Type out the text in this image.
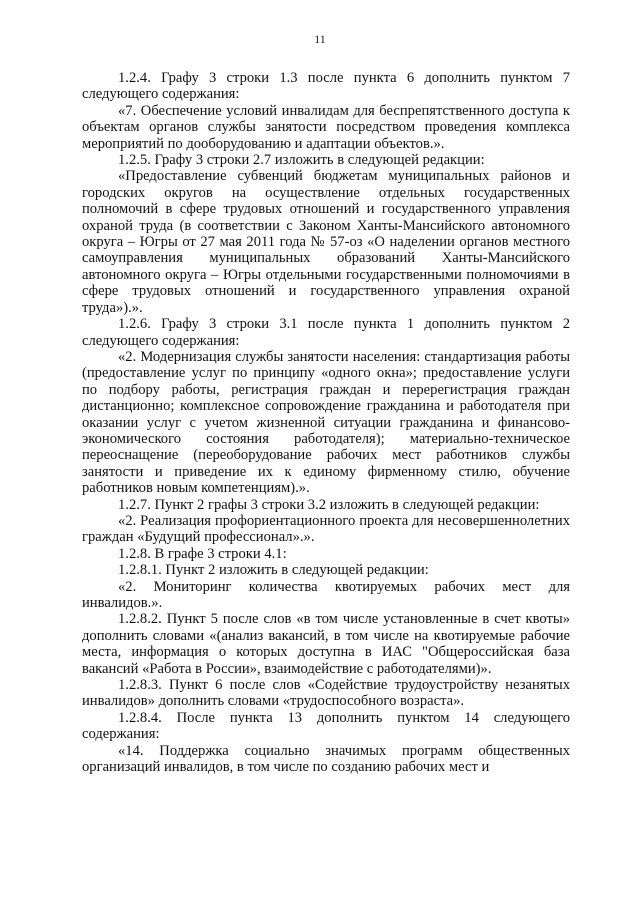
11

1.2.4. Графу 3 строки 1.3 после пункта 6 дополнить пунктом 7 следующего содержания:

«7. Обеспечение условий инвалидам для беспрепятственного доступа к объектам органов службы занятости посредством проведения комплекса мероприятий по дооборудованию и адаптации объектов.».

1.2.5. Графу 3 строки 2.7 изложить в следующей редакции:

«Предоставление субвенций бюджетам муниципальных районов и городских округов на осуществление отдельных государственных полномочий в сфере трудовых отношений и государственного управления охраной труда (в соответствии с Законом Ханты-Мансийского автономного округа – Югры от 27 мая 2011 года № 57-оз «О наделении органов местного самоуправления муниципальных образований Ханты-Мансийского автономного округа – Югры отдельными государственными полномочиями в сфере трудовых отношений и государственного управления охраной труда»).».

1.2.6. Графу 3 строки 3.1 после пункта 1 дополнить пунктом 2 следующего содержания:

«2. Модернизация службы занятости населения: стандартизация работы (предоставление услуг по принципу «одного окна»; предоставление услуги по подбору работы, регистрация граждан и перерегистрация граждан дистанционно; комплексное сопровождение гражданина и работодателя при оказании услуг с учетом жизненной ситуации гражданина и финансово-экономического состояния работодателя); материально-техническое переоснащение (переоборудование рабочих мест работников службы занятости и приведение их к единому фирменному стилю, обучение работников новым компетенциям).».

1.2.7. Пункт 2 графы 3 строки 3.2 изложить в следующей редакции:

«2. Реализация профориентационного проекта для несовершеннолетних граждан «Будущий профессионал».».

1.2.8. В графе 3 строки 4.1:

1.2.8.1. Пункт 2 изложить в следующей редакции:

«2. Мониторинг количества квотируемых рабочих мест для инвалидов.».

1.2.8.2. Пункт 5 после слов «в том числе установленные в счет квоты» дополнить словами «(анализ вакансий, в том числе на квотируемые рабочие места, информация о которых доступна в ИАС "Общероссийская база вакансий «Работа в России», взаимодействие с работодателями)».

1.2.8.3. Пункт 6 после слов «Содействие трудоустройству незанятых инвалидов» дополнить словами «трудоспособного возраста».

1.2.8.4. После пункта 13 дополнить пунктом 14 следующего содержания:

«14. Поддержка социально значимых программ общественных организаций инвалидов, в том числе по созданию рабочих мест и
